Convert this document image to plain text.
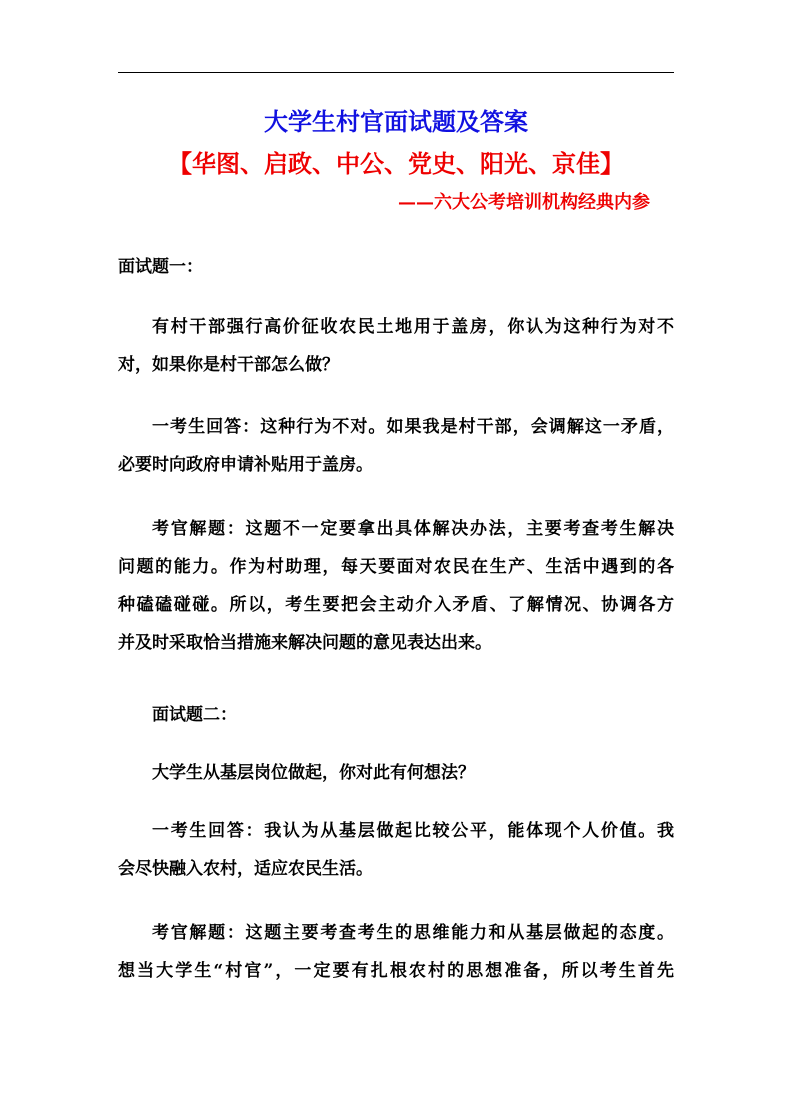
大学生村官面试题及答案
【华图、启政、中公、党史、阳光、京佳】
——六大公考培训机构经典内参
面试题一：
有村干部强行高价征收农民土地用于盖房，你认为这种行为对不
对，如果你是村干部怎么做？
一考生回答：这种行为不对。如果我是村干部，会调解这一矛盾，
必要时向政府申请补贴用于盖房。
考官解题：这题不一定要拿出具体解决办法，主要考查考生解决
问题的能力。作为村助理，每天要面对农民在生产、生活中遇到的各
种磕磕碰碰。所以，考生要把会主动介入矛盾、了解情况、协调各方
并及时采取恰当措施来解决问题的意见表达出来。
面试题二：
大学生从基层岗位做起，你对此有何想法？
一考生回答：我认为从基层做起比较公平，能体现个人价值。我
会尽快融入农村，适应农民生活。
考官解题：这题主要考查考生的思维能力和从基层做起的态度。
想当大学生“村官”，一定要有扎根农村的思想准备，所以考生首先
